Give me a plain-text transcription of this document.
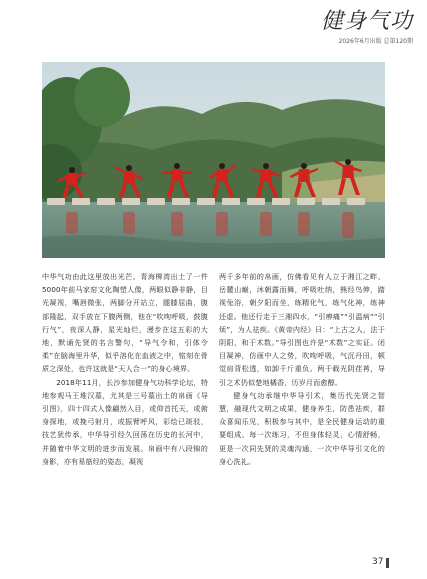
健身气功
2026年6月出版 总第120期

中华气功由此这里放出光芒。青海柳湾出土了一件5000年前马家窑文化陶塑人像，两眼似静非静，目光凝视，嘴唇微张，两脚分开站立，腿膝屈曲，腹部隆起，双手放在下腹两侧，他在“吹呴呼吸，鼓腹行气”，夜深人静，星光灿烂，漫步在这五彩的大地，默诵先贤的名言警句，“导气令和，引体令柔”在脑海里升华，似乎溶化在血液之中，铭刻在骨质之深处，也许这就是“天人合一”的身心境界。

2018年11月，长沙参加健身气功科学论坛，特地参观马王堆汉墓，尤其是三号墓出土的帛画《导引图》，四十四式人像翩然入目，或仰首托天，或俯身探地，或挽弓射月，或振臂呼风，彩绘已斑驳，技艺犹传承，中华导引经久回荡在历史的长河中，并随着中华文明的进步而发展。帛画中有八段锦的身影，亦有易筋经的姿态，凝视

两千多年前的帛画，仿佛看见有人立于湘江之畔、岳麓山巅，沐朝露而舞，呼吸吐纳，熊经鸟伸，踏视兔浴，朝夕阳而坐，练精化气，练气化神，练神还虚。他还行走于三湘四水，“引痹痛”“引温病”“引烦”，为人祛疾。《黄帝内经》曰：“上古之人，法于阴阳，和于术数。”导引图也许是“术数”之实证。闭目凝神，仿画中人之势，吹呴呼吸，气沉丹田，顿觉肩背松透，如卸千斤重负。两千载光阴荏苒，导引之术仍似楚地橘香，历岁月而愈醇。

健身气功承继中华导引术，集历代先贤之智慧，融现代文明之成果，健身养生，防患祛疾，群众喜闻乐见，积极参与其中，是全民健身运动的重要组成。每一次练习，不但身体轻灵，心情舒畅，更是一次同先贤的灵魂沟通，一次中华导引文化的身心洗礼。

37
